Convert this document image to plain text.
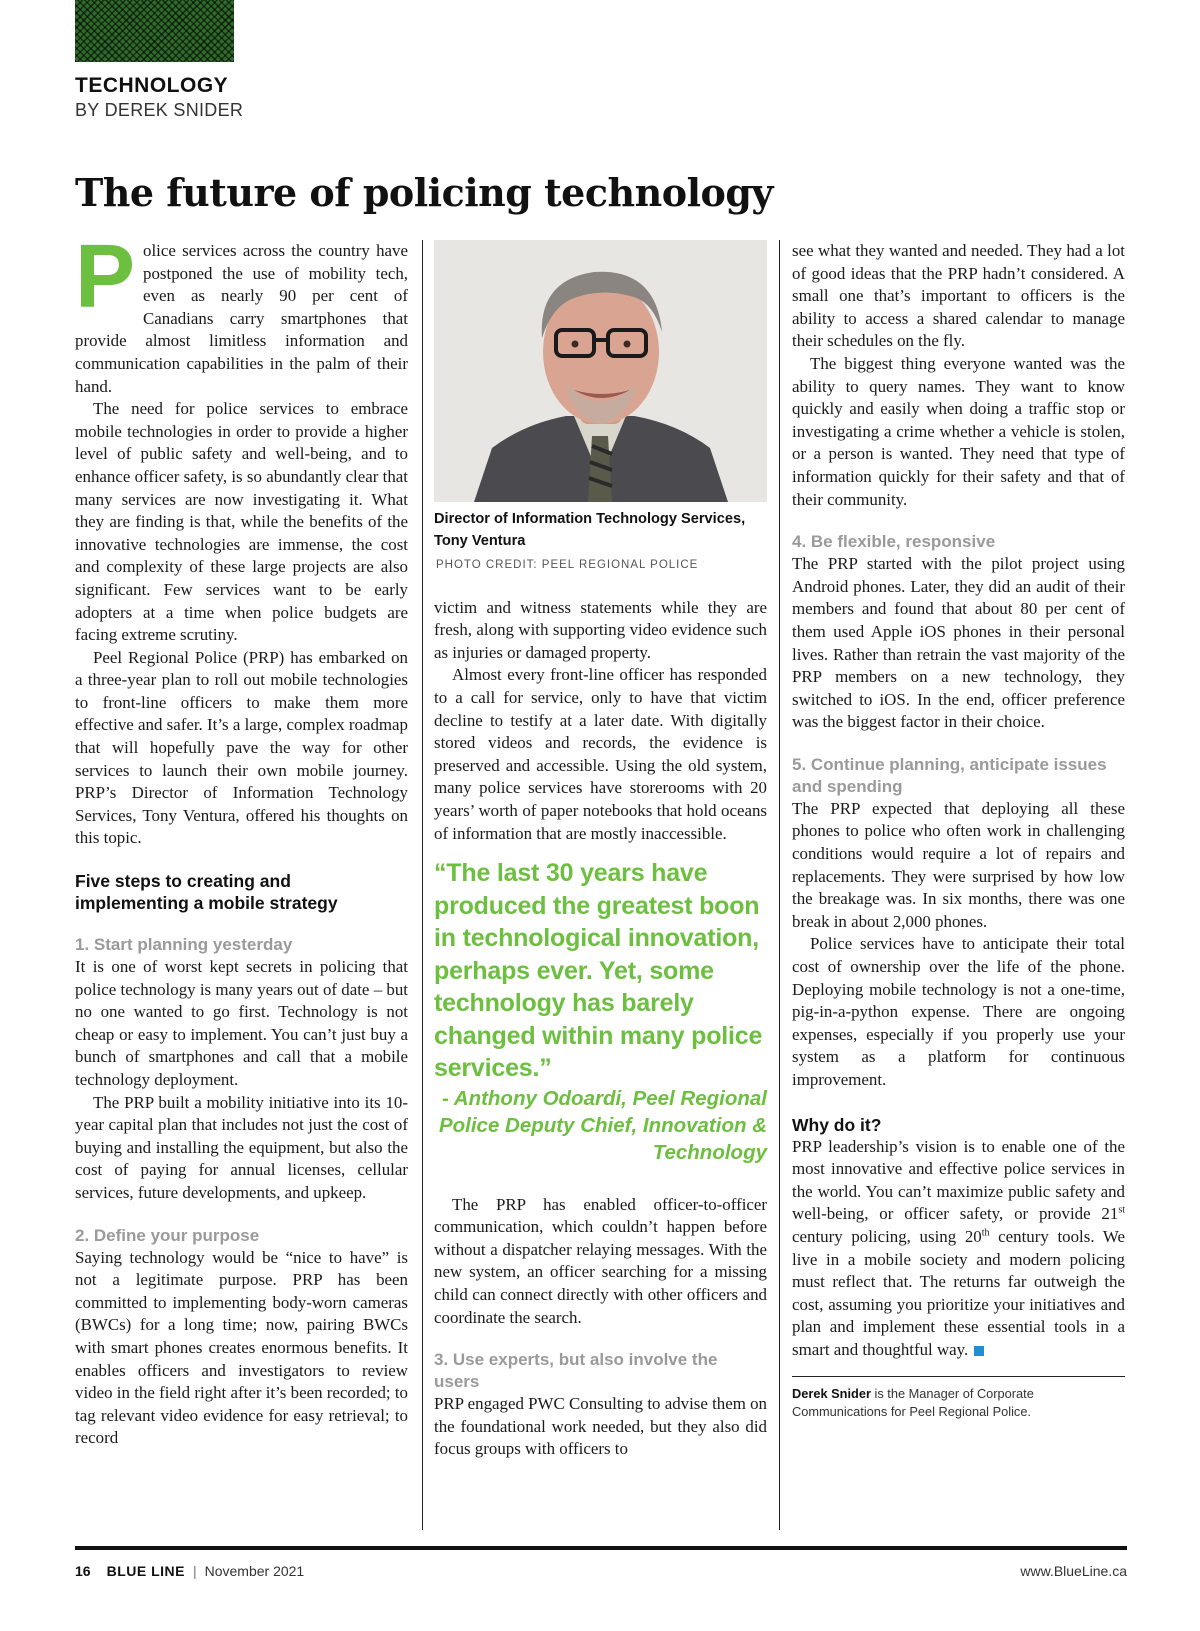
TECHNOLOGY
BY DEREK SNIDER
The future of policing technology

Police services across the country have postponed the use of mobility tech, even as nearly 90 per cent of Canadians carry smartphones that provide almost limitless information and communication capabilities in the palm of their hand.

The need for police services to embrace mobile technologies in order to provide a higher level of public safety and well-being, and to enhance officer safety, is so abundantly clear that many services are now investigating it. What they are finding is that, while the benefits of the innovative technologies are immense, the cost and complexity of these large projects are also significant. Few services want to be early adopters at a time when police budgets are facing extreme scrutiny.

Peel Regional Police (PRP) has embarked on a three-year plan to roll out mobile technologies to front-line officers to make them more effective and safer. It’s a large, complex roadmap that will hopefully pave the way for other services to launch their own mobile journey. PRP’s Director of Information Technology Services, Tony Ventura, offered his thoughts on this topic.

Five steps to creating and implementing a mobile strategy
1. Start planning yesterday

It is one of worst kept secrets in policing that police technology is many years out of date – but no one wanted to go first. Technology is not cheap or easy to implement. You can’t just buy a bunch of smartphones and call that a mobile technology deployment.

The PRP built a mobility initiative into its 10-year capital plan that includes not just the cost of buying and installing the equipment, but also the cost of paying for annual licenses, cellular services, future developments, and upkeep.

2. Define your purpose

Saying technology would be “nice to have” is not a legitimate purpose. PRP has been committed to implementing body-worn cameras (BWCs) for a long time; now, pairing BWCs with smart phones creates enormous benefits. It enables officers and investigators to review video in the field right after it’s been recorded; to tag relevant video evidence for easy retrieval; to record

Director of Information Technology Services, Tony Ventura
PHOTO CREDIT: PEEL REGIONAL POLICE

victim and witness statements while they are fresh, along with supporting video evidence such as injuries or damaged property.

Almost every front-line officer has responded to a call for service, only to have that victim decline to testify at a later date. With digitally stored videos and records, the evidence is preserved and accessible. Using the old system, many police services have storerooms with 20 years’ worth of paper notebooks that hold oceans of information that are mostly inaccessible.

“The last 30 years have produced the greatest boon in technological innovation, perhaps ever. Yet, some technology has barely changed within many police services.”
- Anthony Odoardi, Peel Regional Police Deputy Chief, Innovation & Technology

The PRP has enabled officer-to-officer communication, which couldn’t happen before without a dispatcher relaying messages. With the new system, an officer searching for a missing child can connect directly with other officers and coordinate the search.

3. Use experts, but also involve the users

PRP engaged PWC Consulting to advise them on the foundational work needed, but they also did focus groups with officers to

see what they wanted and needed. They had a lot of good ideas that the PRP hadn’t considered. A small one that’s important to officers is the ability to access a shared calendar to manage their schedules on the fly.

The biggest thing everyone wanted was the ability to query names. They want to know quickly and easily when doing a traffic stop or investigating a crime whether a vehicle is stolen, or a person is wanted. They need that type of information quickly for their safety and that of their community.

4. Be flexible, responsive

The PRP started with the pilot project using Android phones. Later, they did an audit of their members and found that about 80 per cent of them used Apple iOS phones in their personal lives. Rather than retrain the vast majority of the PRP members on a new technology, they switched to iOS. In the end, officer preference was the biggest factor in their choice.

5. Continue planning, anticipate issues and spending

The PRP expected that deploying all these phones to police who often work in challenging conditions would require a lot of repairs and replacements. They were surprised by how low the breakage was. In six months, there was one break in about 2,000 phones.

Police services have to anticipate their total cost of ownership over the life of the phone. Deploying mobile technology is not a one-time, pig-in-a-python expense. There are ongoing expenses, especially if you properly use your system as a platform for continuous improvement.

Why do it?

PRP leadership’s vision is to enable one of the most innovative and effective police services in the world. You can’t maximize public safety and well-being, or officer safety, or provide 21st century policing, using 20th century tools. We live in a mobile society and modern policing must reflect that. The returns far outweigh the cost, assuming you prioritize your initiatives and plan and implement these essential tools in a smart and thoughtful way.

Derek Snider is the Manager of Corporate Communications for Peel Regional Police.
16 BLUE LINE | November 2021	www.BlueLine.ca
